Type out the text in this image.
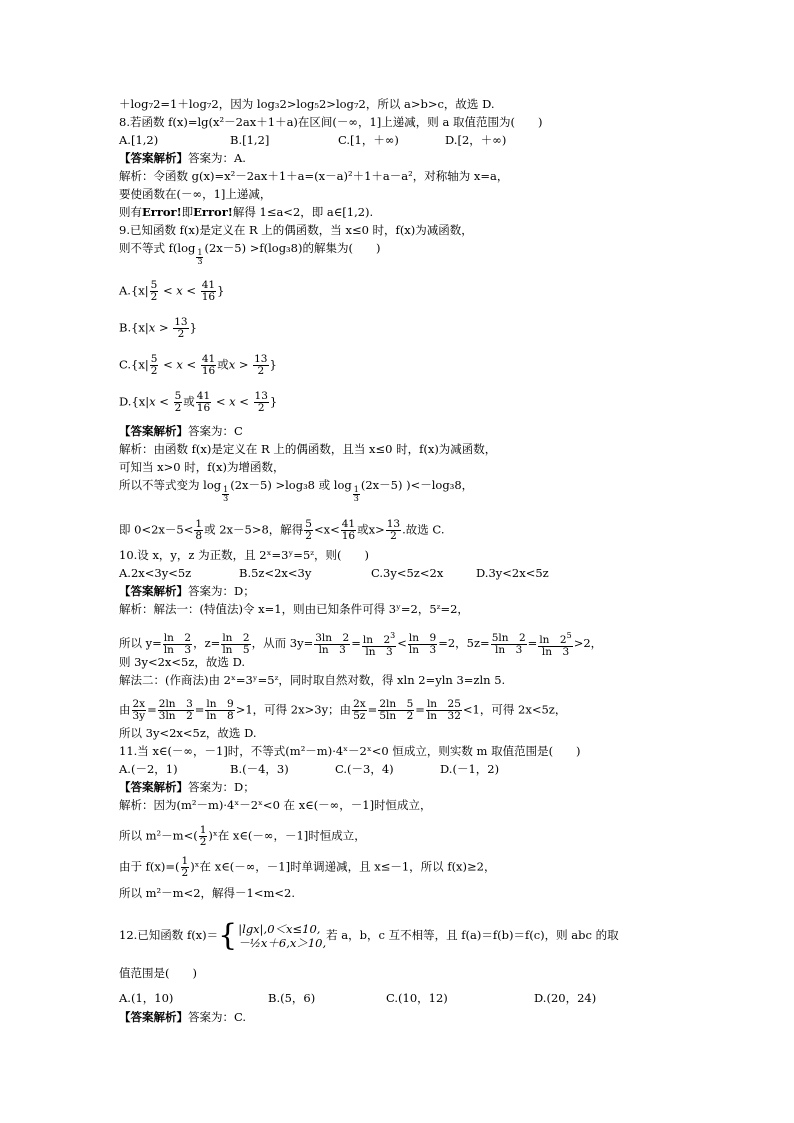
＋log₇2=1＋log₇2，因为 log₃2>log₅2>log₇2，所以 a>b>c，故选 D.
8.若函数 f(x)=lg(x²－2ax＋1＋a)在区间(－∞，1]上递减，则 a 取值范围为(　　)
A.[1,2)	B.[1,2]	C.[1，＋∞)	D.[2，＋∞)
【答案解析】答案为：A.
解析：令函数 g(x)=x²－2ax＋1＋a=(x－a)²＋1＋a－a²，对称轴为 x=a，
要使函数在(－∞，1]上递减，
则有Error!即Error!解得 1≤a<2，即 a∈[1,2).
9.已知函数 f(x)是定义在 R 上的偶函数，当 x≤0 时，f(x)为减函数，
则不等式 f(log
$\frac{1}{3}$
(2x－5) >f(log₃8)的解集为(　　)
$A.\{x| \frac{5}{2} < x < \frac{41}{16}$ }
$B.\{x|x > \frac{13}{2}$ }
$C.\{x| \frac{5}{2} < x < \frac{41}{16}$ 或$x > \frac{13}{2}$ }
$D.\{x|x < \frac{5}{2}$ 或 $\frac{41}{16} < x < \frac{13}{2}$ }
【答案解析】答案为：C
解析：由函数 f(x)是定义在 R 上的偶函数，且当 x≤0 时，f(x)为减函数，
可知当 x>0 时，f(x)为增函数，
所以不等式变为 log
$\frac{1}{3}$
(2x－5) >log₃8 或 log
$\frac{1}{3}$
(2x－5) )<－log₃8，
即 $0<2x-5< \frac{1}{8}$ 或 2x－5>8，解得 $\frac{5}{2} <x< \frac{41}{16}$ 或$x> \frac{13}{2}$ .故选 C.
10.设 x，y，z 为正数，且 2ˣ=3ʸ=5ᶻ，则(　　)
A.2x<3y<5z	B.5z<2x<3y	C.3y<5z<2x	D.3y<2x<5z
【答案解析】答案为：D；
解析：解法一：(特值法)令 x=1，则由已知条件可得 3ʸ=2，5ᶻ=2，
所以 $y= \frac{\ln 2}{\ln 3}$ ，$z= \frac{\ln 2}{\ln 5}$ ，从而 $3y= \frac{3\ln 2}{\ln 3} = \frac{\ln 2^3}{\ln 3} < \frac{\ln 9}{\ln 3} =2$，$5z= \frac{5\ln 2}{\ln 3} = \frac{\ln 2^5}{\ln 3} >2$，
则 3y<2x<5z，故选 D.
解法二：(作商法)由 2ˣ=3ʸ=5ᶻ，同时取自然对数，得 xln 2=yln 3=zln 5.
由 $\frac{2x}{3y} = \frac{2\ln 3}{3\ln 2} = \frac{\ln 9}{\ln 8} >1$，可得 2x>3y；由 $\frac{2x}{5z} = \frac{2\ln 5}{5\ln 2} = \frac{\ln 25}{\ln 32} <1$，可得 2x<5z，
所以 3y<2x<5z，故选 D.
11.当 x∈(－∞，－1]时，不等式(m²－m)·4ˣ－2ˣ<0 恒成立，则实数 m 取值范围是(　　)
A.(－2，1)	B.(－4，3)	C.(－3，4)	D.(－1，2)
【答案解析】答案为：D；
解析：因为(m²－m)·4ˣ－2ˣ<0 在 x∈(－∞，－1]时恒成立，
所以 $m^2-m<( \frac{1}{2}$ )ˣ在 x∈(－∞，－1]时恒成立，
由于 $f(x)=( \frac{1}{2}$ )ˣ在 x∈(－∞，－1]时单调递减，且 x≤－1，所以 f(x)≥2，
所以 m²－m<2，解得－1<m<2.
12.已知函数 f(x)＝{ |lgx|,0＜x≤10,
－½x＋6,x＞10,
若 a，b，c 互不相等，且 f(a)＝f(b)＝f(c)，则 abc 的取
值范围是(　　)
A.(1，10)	B.(5，6)	C.(10，12)	D.(20，24)
【答案解析】答案为：C.
